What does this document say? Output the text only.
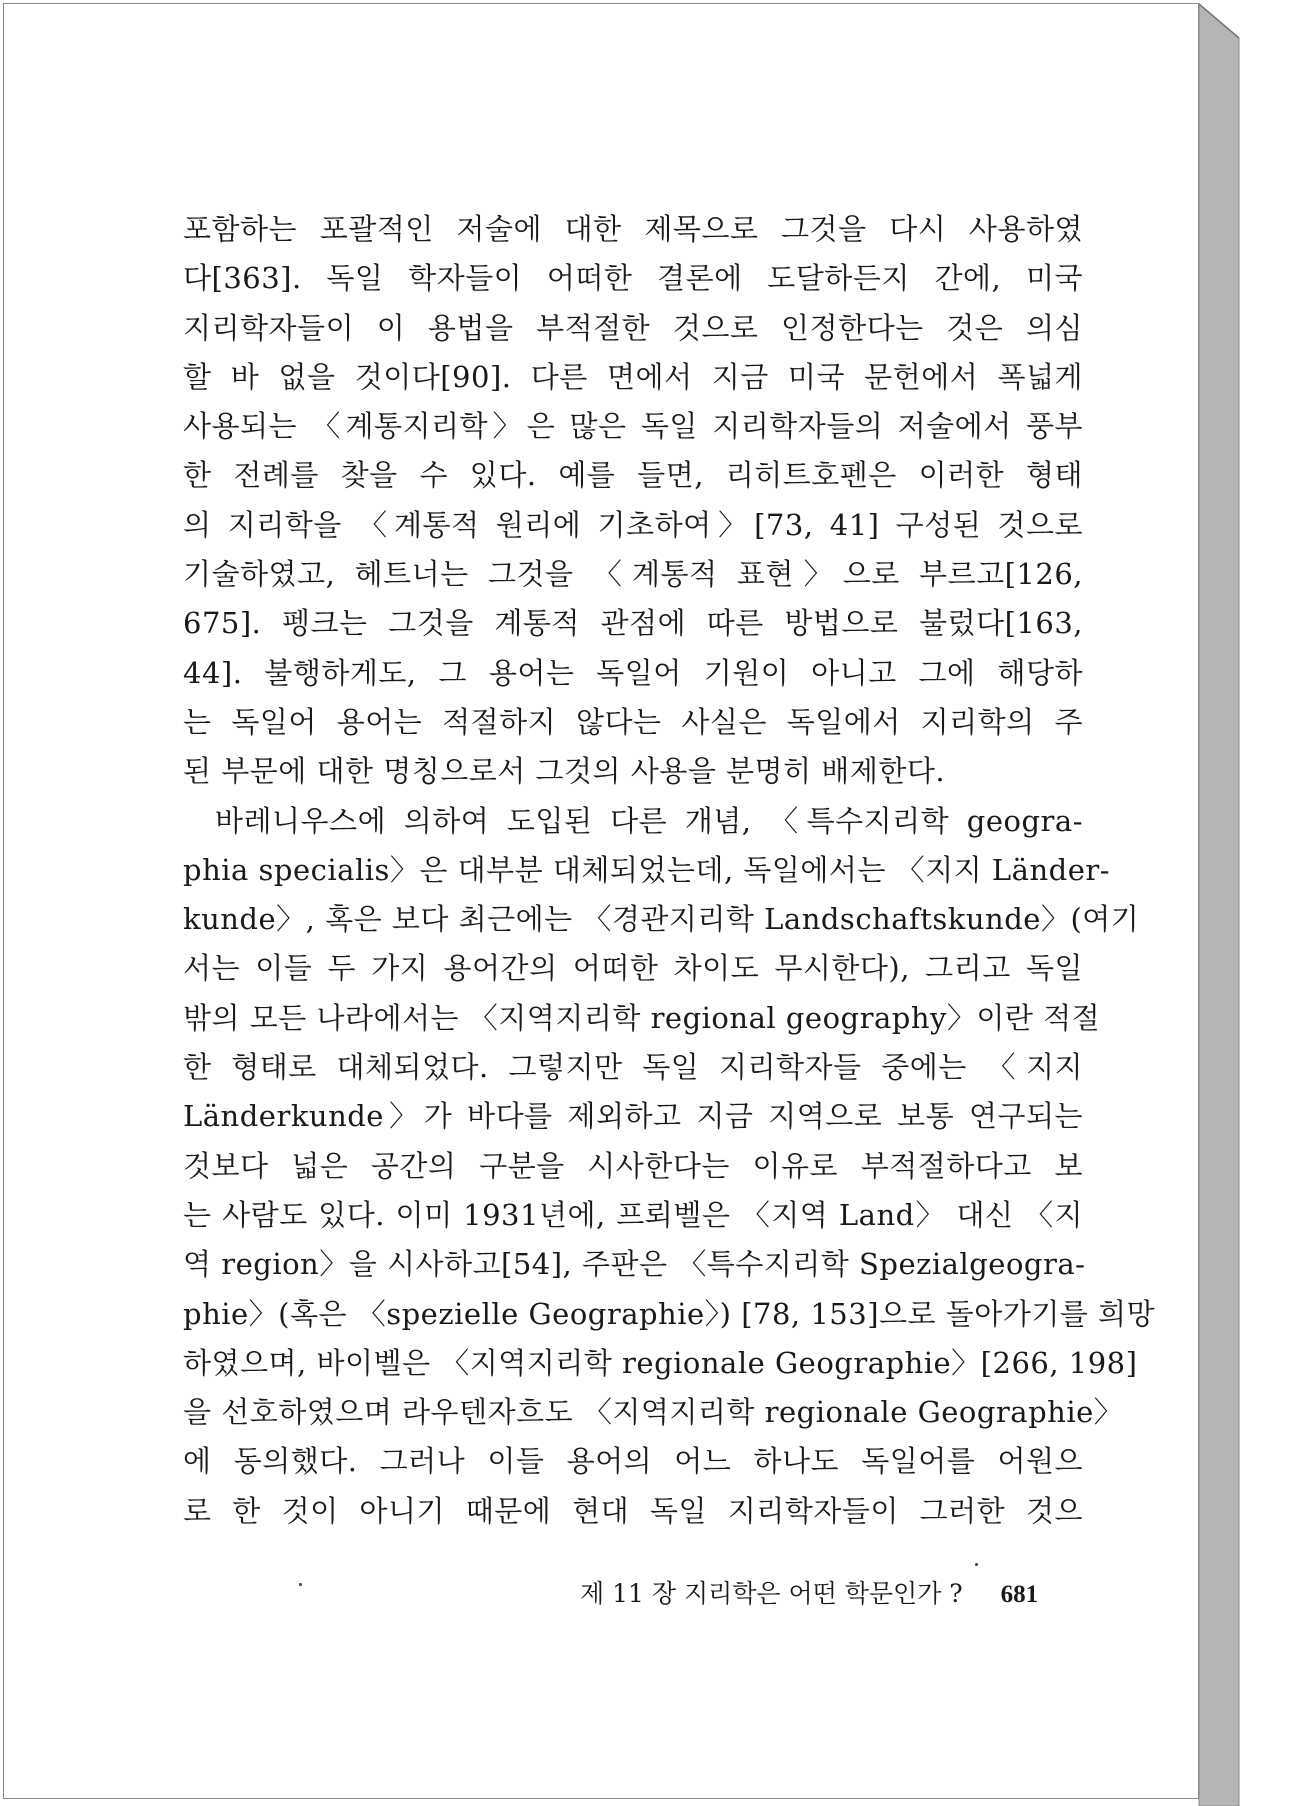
포함하는 포괄적인 저술에 대한 제목으로 그것을 다시 사용하였
다[363]. 독일 학자들이 어떠한 결론에 도달하든지 간에, 미국
지리학자들이 이 용법을 부적절한 것으로 인정한다는 것은 의심
할 바 없을 것이다[90]. 다른 면에서 지금 미국 문헌에서 폭넓게
사용되는 〈계통지리학〉은 많은 독일 지리학자들의 저술에서 풍부
한 전례를 찾을 수 있다. 예를 들면, 리히트호펜은 이러한 형태
의 지리학을 〈계통적 원리에 기초하여〉[73, 41] 구성된 것으로
기술하였고, 헤트너는 그것을 〈계통적 표현〉으로 부르고[126,
675]. 펭크는 그것을 계통적 관점에 따른 방법으로 불렀다[163,
44]. 불행하게도, 그 용어는 독일어 기원이 아니고 그에 해당하
는 독일어 용어는 적절하지 않다는 사실은 독일에서 지리학의 주
된 부문에 대한 명칭으로서 그것의 사용을 분명히 배제한다.
바레니우스에 의하여 도입된 다른 개념, 〈특수지리학 geogra-
phia specialis〉은 대부분 대체되었는데, 독일에서는 〈지지 Länder-
kunde〉, 혹은 보다 최근에는 〈경관지리학 Landschaftskunde〉(여기
서는 이들 두 가지 용어간의 어떠한 차이도 무시한다), 그리고 독일
밖의 모든 나라에서는 〈지역지리학 regional geography〉이란 적절
한 형태로 대체되었다. 그렇지만 독일 지리학자들 중에는 〈지지
Länderkunde〉가 바다를 제외하고 지금 지역으로 보통 연구되는
것보다 넓은 공간의 구분을 시사한다는 이유로 부적절하다고 보
는 사람도 있다. 이미 1931년에, 프뢰벨은 〈지역 Land〉 대신 〈지
역 region〉을 시사하고[54], 주판은 〈특수지리학 Spezialgeogra-
phie〉(혹은 〈spezielle Geographie〉) [78, 153]으로 돌아가기를 희망
하였으며, 바이벨은 〈지역지리학 regionale Geographie〉[266, 198]
을 선호하였으며 라우텐자흐도 〈지역지리학 regionale Geographie〉
에 동의했다. 그러나 이들 용어의 어느 하나도 독일어를 어원으
로 한 것이 아니기 때문에 현대 독일 지리학자들이 그러한 것으
제 11 장 지리학은 어떤 학문인가 ? 681
